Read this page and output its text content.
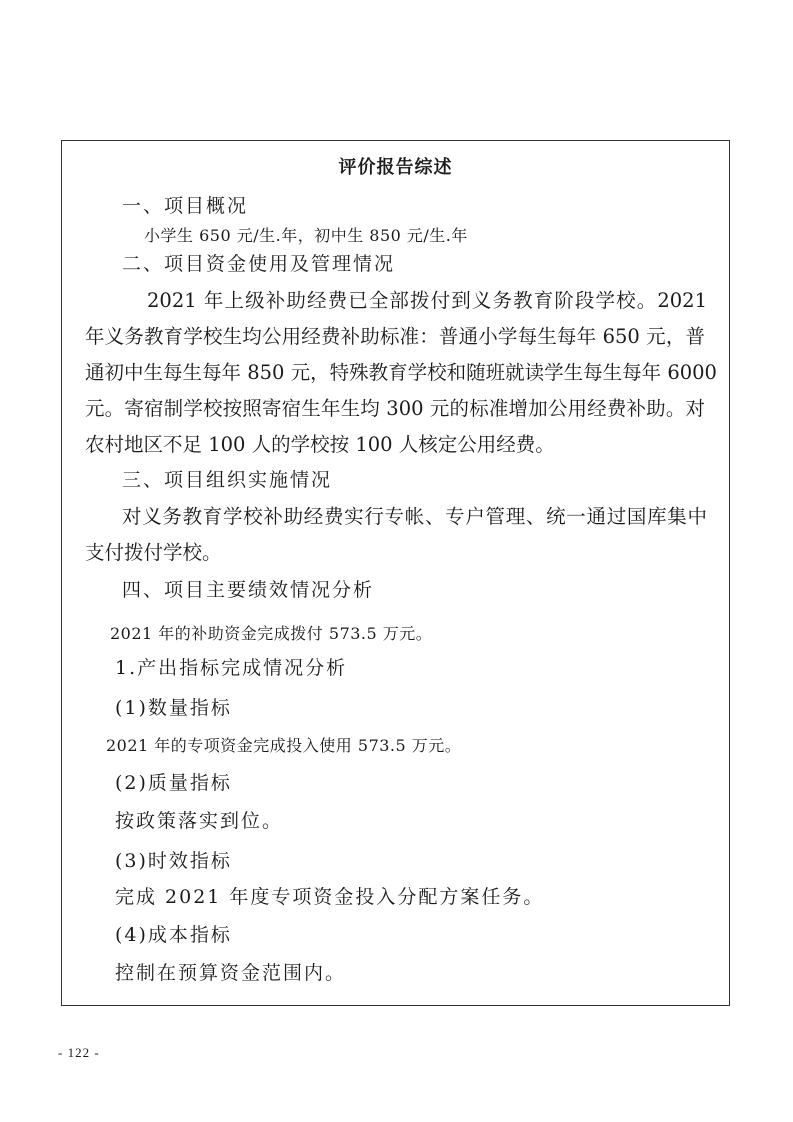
评价报告综述
一、项目概况
小学生 650 元/生.年，初中生 850 元/生.年
二、项目资金使用及管理情况
2021 年上级补助经费已全部拨付到义务教育阶段学校。2021
年义务教育学校生均公用经费补助标准：普通小学每生每年 650 元，普
通初中生每生每年 850 元，特殊教育学校和随班就读学生每生每年 6000
元。寄宿制学校按照寄宿生年生均 300 元的标准增加公用经费补助。对
农村地区不足 100 人的学校按 100 人核定公用经费。
三、项目组织实施情况
对义务教育学校补助经费实行专帐、专户管理、统一通过国库集中
支付拨付学校。
四、项目主要绩效情况分析
2021 年的补助资金完成拨付 573.5 万元。
1.产出指标完成情况分析
(1)数量指标
2021 年的专项资金完成投入使用 573.5 万元。
(2)质量指标
按政策落实到位。
(3)时效指标
完成 2021 年度专项资金投入分配方案任务。
(4)成本指标
控制在预算资金范围内。
- 122 -
